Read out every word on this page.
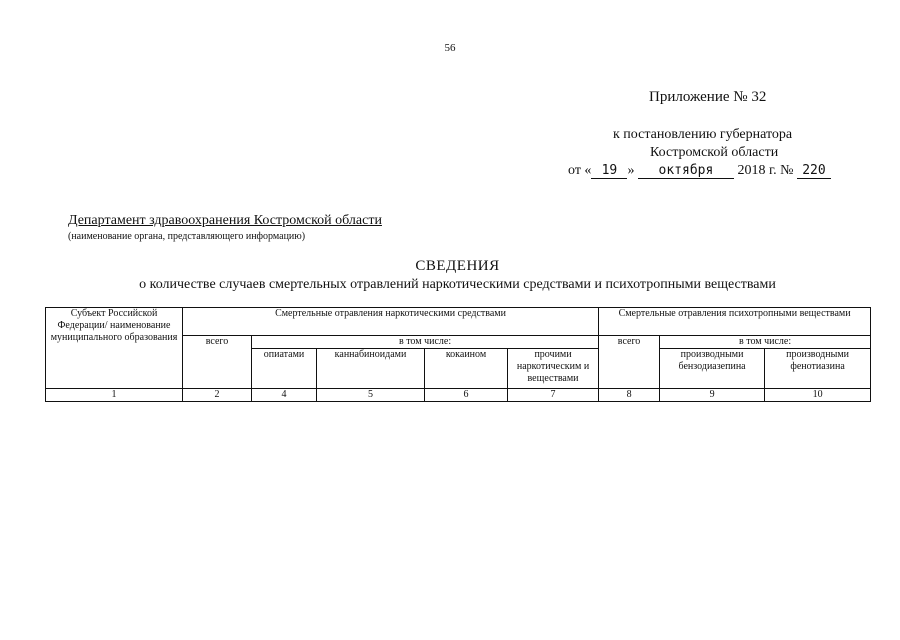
56
Приложение № 32
к постановлению губернатора
Костромской области
от « 19 » октября 2018 г. № 220
Департамент здравоохранения Костромской области
(наименование органа, представляющего информацию)
СВЕДЕНИЯ
о количестве случаев смертельных отравлений наркотическими средствами и психотропными веществами
Субъект Российской Федерации/ наименование муниципального образования	Смертельные отравления наркотическими средствами					Смертельные отравления психотропными веществами		
	всего	в том числе:				всего	в том числе:	
		опиатами	каннабиноидами	кокаином	прочими наркотическим и веществами		производными бензодиазепина	производными фенотиазина
1	2	4	5	6	7	8	9	10
